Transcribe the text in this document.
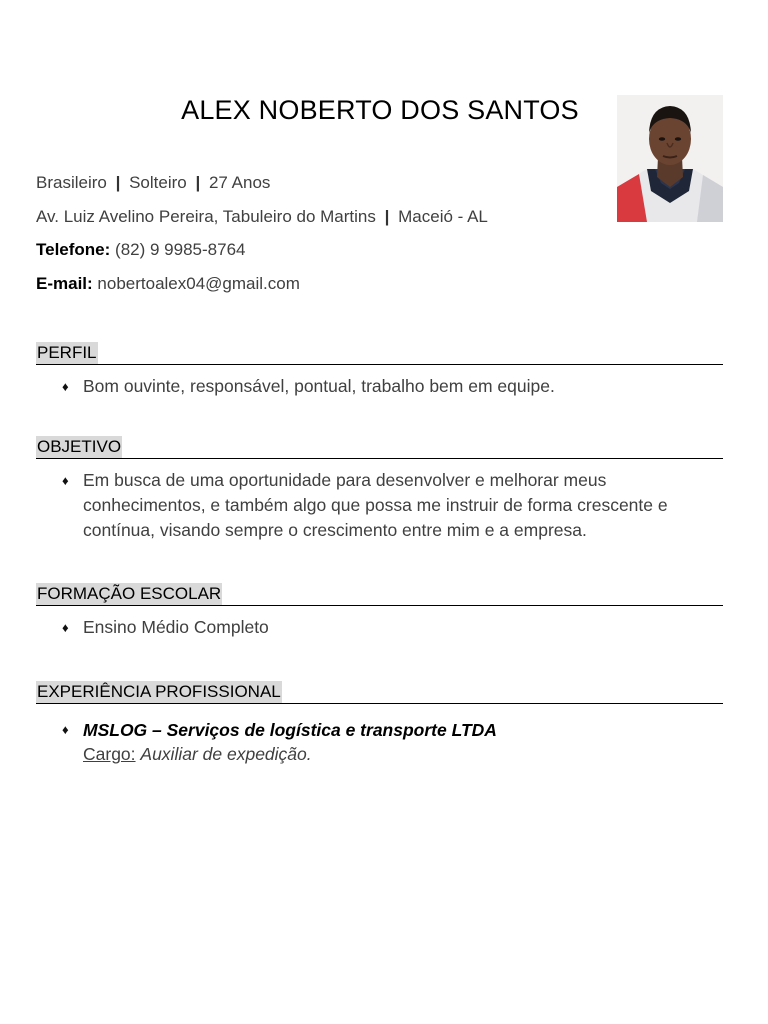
ALEX NOBERTO DOS SANTOS
Brasileiro | Solteiro | 27 Anos
Av. Luiz Avelino Pereira, Tabuleiro do Martins | Maceió - AL
Telefone: (82) 9 9985-8764
E-mail: nobertoalex04@gmail.com
PERFIL
♦ Bom ouvinte, responsável, pontual, trabalho bem em equipe.
OBJETIVO
♦ Em busca de uma oportunidade para desenvolver e melhorar meus conhecimentos, e também algo que possa me instruir de forma crescente e contínua, visando sempre o crescimento entre mim e a empresa.
FORMAÇÃO ESCOLAR
♦ Ensino Médio Completo
EXPERIÊNCIA PROFISSIONAL
♦ MSLOG – Serviços de logística e transporte LTDA
Cargo: Auxiliar de expedição.
